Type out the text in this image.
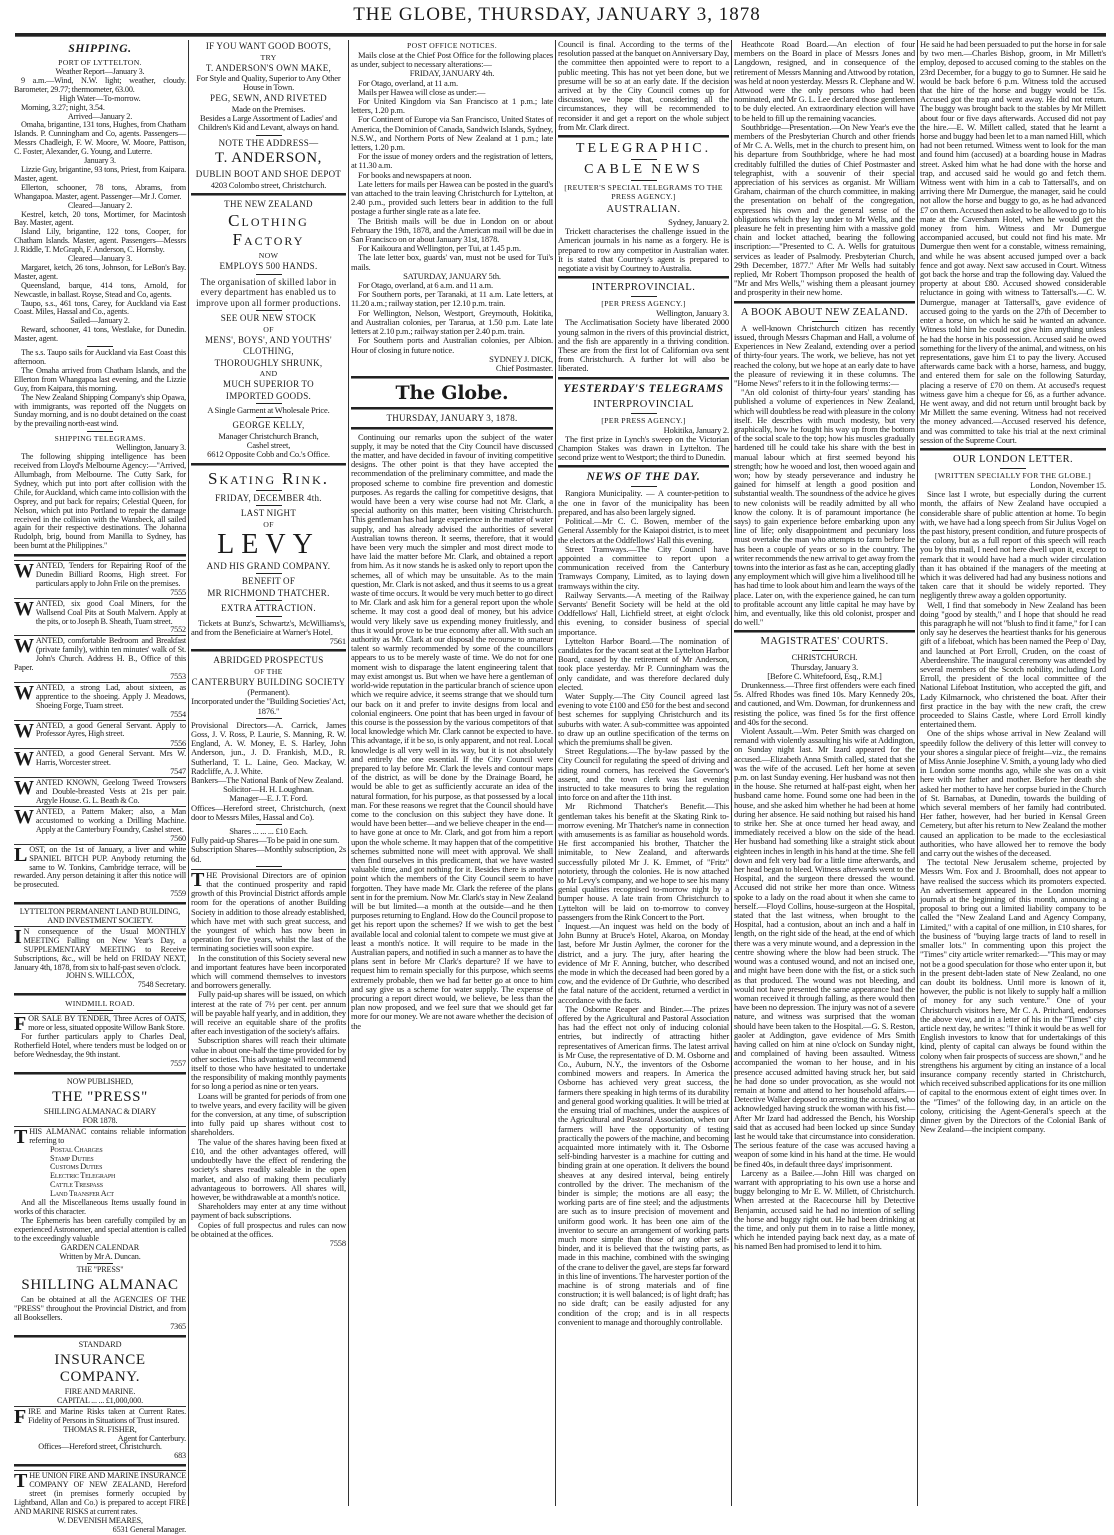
THE GLOBE, THURSDAY, JANUARY 3, 1878
SHIPPING.
PORT OF LYTTELTON.
Weather Report—January 3.
9 a.m.—Wind, N.W. light; weather, cloudy. Barometer, 29.77; thermometer, 63.00.
High Water—To-morrow.
Morning, 3.27; night, 3.54.
Arrived—January 2.
Omaha, brigantine, 131 tons, Hughes, from Chatham Islands. P. Cunningham and Co, agents. Passengers—Messrs Chadleigh, F. W. Moore, W. Moore, Pattison, C. Foster, Alexander, G. Young, and Luterre.
January 3.
Lizzie Guy, brigantine, 93 tons, Priest, from Kaipara. Master, agent.
Ellerton, schooner, 78 tons, Abrams, from Whangapoa. Master, agent. Passenger—Mr J. Corner.
Cleared—January 2.
Kestrel, ketch, 20 tons, Mortimer, for Macintosh Bay. Master, agent.
Island Lily, brigantine, 122 tons, Cooper, for Chatham Islands. Master, agent. Passengers—Messrs J. Riddle, T. McGraph, F. Anderson, C. Hornsby.
Cleared—January 3.
Margaret, ketch, 26 tons, Johnson, for LeBon's Bay. Master, agent.
Queensland, barque, 414 tons, Arnold, for Newcastle, in ballast. Royse, Stead and Co, agents.
Taupo, s.s., 461 tons, Carey, for Auckland via East Coast. Miles, Hassal and Co., agents.
Sailed—January 2.
Reward, schooner, 41 tons, Westlake, for Dunedin. Master, agent.
The s.s. Taupo sails for Auckland via East Coast this afternoon.
The Omaha arrived from Chatham Islands, and the Ellerton from Whangapoa last evening, and the Lizzie Guy, from Kaipara, this morning.
The New Zealand Shipping Company's ship Opawa, with immigrants, was reported off the Nuggets on Sunday morning, and is no doubt detained on the coast by the prevailing north-east wind.
SHIPPING TELEGRAMS.
Wellington, January 3.
The following shipping intelligence has been received from Lloyd's Melbourne Agency:—"Arrived, Allumbagh, from Melbourne. The Cutty Sark, for Sydney, which put into port after collision with the Chile, for Auckland, which came into collision with the Osprey, and put back for repairs; Celestial Queen, for Nelson, which put into Portland to repair the damage received in the collision with the Wansbeck, all sailed again for their respective destinations. The Johanna Rudolph, brig, bound from Manilla to Sydney, has been burnt at the Philippines."
WANTED, Tenders for Repairing Roof of the Dunedin Billiard Rooms, High street. For particulars apply to John Frile on the premises.
7555
WANTED, six good Coal Miners, for the Wallsend Coal Pits at South Malvern. Apply at the pits, or to Joseph B. Sheath, Tuam street.
7552
WANTED, comfortable Bedroom and Breakfast (private family), within ten minutes' walk of St. John's Church. Address H. B., Office of this Paper.
7553
WANTED, a strong Lad, about sixteen, as apprentice to the shoeing. Apply J. Meadows, Shoeing Forge, Tuam street.
7554
WANTED, a good General Servant. Apply to Professor Ayres, High street.
7556
WANTED, a good General Servant. Mrs W. Harris, Worcester street.
7547
WANTED KNOWN, Geelong Tweed Trowsers and Double-breasted Vests at 21s per pair. Argyle House. G. L. Beath & Co.
WANTED, a Pattern Maker; also, a Man accustomed to working a Drilling Machine. Apply at the Canterbury Foundry, Cashel street.
7560
LOST, on the 1st of January, a liver and white SPANIEL BITCH PUP. Anybody returning the same to W. Tonkins, Cambridge terrace, will be rewarded. Any person detaining it after this notice will be prosecuted.
7559
LYTTELTON PERMANENT LAND BUILDING, AND INVESTMENT SOCIETY.
I N consequence of the Usual MONTHLY MEETING Falling on New Year's Day, a SUPPLEMENTARY MEETING to Receive Subscriptions, &c., will be held on FRIDAY NEXT, January 4th, 1878, from six to half-past seven o'clock.
JOHN S. WILLCOX,
7548 Secretary.
WINDMILL ROAD.
FOR SALE BY TENDER, Three Acres of OATS, more or less, situated opposite Willow Bank Store.
For further particulars apply to Charles Deal, Rotherfield Hotel, where tenders must be lodged on or before Wednesday, the 9th instant.
7557
NOW PUBLISHED,
THE "PRESS"
SHILLING ALMANAC & DIARY
FOR 1878.
THIS ALMANAC contains reliable information referring to
Postal Charges
Stamp Duties
Customs Duties
Electric Telegraph
Cattle Trespass
Land Transfer Act
And all the Miscellaneous Items usually found in works of this character.
The Ephemeris has been carefully compiled by an experienced Astronomer, and special attention is called to the exceedingly valuable
GARDEN CALENDAR
Written by Mr A. Duncan.
THE "PRESS"
SHILLING ALMANAC
Can be obtained at all the AGENCIES OF THE "PRESS" throughout the Provincial District, and from all Booksellers.
7365
STANDARD
INSURANCE COMPANY.
FIRE AND MARINE.
CAPITAL ... ... £1,000,000.
FIRE and Marine Risks taken at Current Rates. Fidelity of Persons in Situations of Trust insured.
THOMAS R. FISHER,
Agent for Canterbury.
Offices—Hereford street, Christchurch.
683
THE UNION FIRE AND MARINE INSURANCE COMPANY OF NEW ZEALAND, Hereford street (in premises formerly occupied by Lightband, Allan and Co.) is prepared to accept FIRE AND MARINE RISKS at current rates.
W. DEVENISH MEARES,
6531 General Manager.
IF YOU WANT GOOD BOOTS,
TRY
T. ANDERSON'S OWN MAKE,
For Style and Quality, Superior to Any Other House in Town.
PEG, SEWN, AND RIVETED
Made on the Premises.
Besides a Large Assortment of Ladies' and Children's Kid and Levant, always on hand.
NOTE THE ADDRESS—
T. ANDERSON,
DUBLIN BOOT AND SHOE DEPOT
4203 Colombo street, Christchurch.
THE NEW ZEALAND
Clothing Factory
NOW
EMPLOYS 500 HANDS.
The organisation of skilled labor in every department has enabled us to improve upon all former productions.
SEE OUR NEW STOCK
OF
MENS', BOYS', AND YOUTHS'
CLOTHING,
THOROUGHLY SHRUNK,
AND
MUCH SUPERIOR TO
IMPORTED GOODS.
A Single Garment at Wholesale Price.
GEORGE KELLY,
Manager Christchurch Branch,
Cashel street,
6612 Opposite Cobb and Co.'s Office.
Skating Rink.
FRIDAY, DECEMBER 4th.
LAST NIGHT
OF
LEVY
AND HIS GRAND COMPANY.
BENEFIT OF
MR RICHMOND THATCHER.
EXTRA ATTRACTION.
Tickets at Bunz's, Schwartz's, McWilliams's, and from the Beneficiaire at Warner's Hotel.
7561
ABRIDGED PROSPECTUS
OF THE
CANTERBURY BUILDING SOCIETY
(Permanent).
Incorporated under the "Building Societies' Act, 1876."
Provisional Directors—A. Carrick, James Goss, J. V. Ross, P. Laurie, S. Manning, R. W. England, A. W. Money, E. S. Harley, John Anderson, jun., J. D. Frankish, M.D., R. Sutherland, T. L. Laine, Geo. Mackay, W. Radcliffe, A. J. White.
Bankers—The National Bank of New Zealand.
Solicitor—H. H. Loughnan.
Manager—E. J. T. Ford.
Offices—Hereford street, Christchurch, (next door to Messrs Miles, Hassal and Co).
Shares ... ... ... £10 Each.
Fully paid-up Shares—To be paid in one sum.
Subscription Shares—Monthly subscription, 2s 6d.
THE Provisional Directors are of opinion that the continued prosperity and rapid growth of this Provincial District affords ample room for the operations of another Building Society in addition to those already established, which have met with such great success, and the youngest of which has now been in operation for five years, whilst the last of the terminating societies will soon expire.
In the constitution of this Society several new and important features have been incorporated which will commend themselves to investors and borrowers generally.
Fully paid-up shares will be issued, on which interest at the rate of 7½ per cent. per annum will be payable half yearly, and in addition, they will receive an equitable share of the profits after each investigation of the society's affairs.
Subscription shares will reach their ultimate value in about one-half the time provided for by other societies. This advantage will recommend itself to those who have hesitated to undertake the responsibility of making monthly payments for so long a period as nine or ten years.
Loans will be granted for periods of from one to twelve years, and every facility will be given for the conversion, at any time, of subscription into fully paid up shares without cost to shareholders.
The value of the shares having been fixed at £10, and the other advantages offered, will undoubtedly have the effect of rendering the society's shares readily saleable in the open market, and also of making them peculiarly advantageous to borrowers. All shares will, however, be withdrawable at a month's notice.
Shareholders may enter at any time without payment of back subscriptions.
Copies of full prospectus and rules can now be obtained at the offices.
7558
POST OFFICE NOTICES.
Mails close at the Chief Post Office for the following places as under, subject to necessary alterations:—
FRIDAY, JANUARY 4th.
For Otago, overland, at 11 a.m.
Mails per Hawea will close as under:—
For United Kingdom via San Francisco at 1 p.m.; late letters, 1.20 p.m.
For Continent of Europe via San Francisco, United States of America, the Dominion of Canada, Sandwich Islands, Sydney, N.S.W., and Northern Ports of New Zealand at 1 p.m.; late letters, 1.20 p.m.
For the issue of money orders and the registration of letters, at 11.30 a.m.
For books and newspapers at noon.
Late letters for mails per Hawea can be posted in the guard's van attached to the train leaving Christchurch for Lyttelton, at 2.40 p.m., provided such letters bear in addition to the full postage a further single rate as a late fee.
The British mails will be due in London on or about February the 19th, 1878, and the American mail will be due in San Francisco on or about January 31st, 1878.
For Kaikoura and Wellington, per Tui, at 1.45 p.m.
The late letter box, guards' van, must not be used for Tui's mails.
SATURDAY, JANUARY 5th.
For Otago, overland, at 6 a.m. and 11 a.m.
For Southern ports, per Taranaki, at 11 a.m. Late letters, at 11.20 a.m.; railway station, per 12.10 p.m. train.
For Wellington, Nelson, Westport, Greymouth, Hokitika, and Australian colonies, per Tararua, at 1.50 p.m. Late late letters at 2.10 p.m.; railway station per 2.40 p.m. train.
For Southern ports and Australian colonies, per Albion. Hour of closing in future notice.
SYDNEY J. DICK,
Chief Postmaster.
The Globe.
THURSDAY, JANUARY 3, 1878.
Continuing our remarks upon the subject of the water supply, it may be noted that the City Council have discussed the matter, and have decided in favour of inviting competitive designs. The other point is that they have accepted the recommendation of the preliminary committee, and made the proposed scheme to combine fire prevention and domestic purposes. As regards the calling for competitive designs, that would have been a very wise course had not Mr. Clark, a special authority on this matter, been visiting Christchurch. This gentleman has had large experience in the matter of water supply, and has already advised the authorities of several Australian towns thereon. It seems, therefore, that it would have been very much the simpler and most direct mode to have laid the matter before Mr. Clark, and obtained a report from him. As it now stands he is asked only to report upon the schemes, all of which may be unsuitable. As to the main question, Mr. Clark is not asked, and thus it seems to us a great waste of time occurs. It would be very much better to go direct to Mr. Clark and ask him for a general report upon the whole scheme. It may cost a good deal of money, but his advice would very likely save us expending money fruitlessly, and thus it would prove to be true economy after all. With such an authority as Mr. Clark at our disposal the recourse to amateur talent so warmly recommended by some of the councillors appears to us to be merely waste of time. We do not for one moment wish to disparage the latent engineering talent that may exist amongst us. But when we have here a gentleman of world-wide reputation in the particular branch of science upon which we require advice, it seems strange that we should turn our back on it and prefer to invite designs from local and colonial engineers. One point that has been urged in favour of this course is the possession by the various competitors of that local knowledge which Mr. Clark cannot be expected to have. This advantage, if it be so, is only apparent, and not real. Local knowledge is all very well in its way, but it is not absolutely and entirely the one essential. If the City Council were prepared to lay before Mr. Clark the levels and contour maps of the district, as will be done by the Drainage Board, he would be able to get as sufficiently accurate an idea of the natural formation, for his purpose, as that possessed by a local man. For these reasons we regret that the Council should have come to the conclusion on this subject they have done. It would have been better—and we believe cheaper in the end—to have gone at once to Mr. Clark, and got from him a report upon the whole scheme. It may happen that of the competitive schemes submitted none will meet with approval. We shall then find ourselves in this predicament, that we have wasted valuable time, and got nothing for it. Besides there is another point which the members of the City Council seem to have forgotten. They have made Mr. Clark the referee of the plans sent in for the premium. Now Mr. Clark's stay in New Zealand will be but limited—a month at the outside—and he then purposes returning to England. How do the Council propose to get his report upon the schemes? If we wish to get the best available local and colonial talent to compete we must give at least a month's notice. It will require to be made in the Australian papers, and notified in such a manner as to have the plans sent in before Mr Clark's departure? If we have to request him to remain specially for this purpose, which seems extremely probable, then we had far better go at once to him and say give us a scheme for water supply. The expense of procuring a report direct would, we believe, be less than the plan now proposed, and we feel sure that we should get far more for our money. We are not aware whether the decision of the
Council is final. According to the terms of the resolution passed at the banquet on Anniversary Day, the committee then appointed were to report to a public meeting. This has not yet been done, but we presume will be so at an early date. If the decision arrived at by the City Council comes up for discussion, we hope that, considering all the circumstances, they will be recommended to reconsider it and get a report on the whole subject from Mr. Clark direct.
TELEGRAPHIC.
CABLE NEWS
[REUTER'S SPECIAL TELEGRAMS TO THE PRESS AGENCY.]
AUSTRALIAN.
Sydney, January 2.
Trickett characterises the challenge issued in the American journals in his name as a forgery. He is prepared to row any competitor in Australian water. It is stated that Courtney's agent is prepared to negotiate a visit by Courtney to Australia.
INTERPROVINCIAL.
[PER PRESS AGENCY.]
Wellington, January 3.
The Acclimatisation Society have liberated 2000 young salmon in the rivers of this provincial district, and the fish are apparently in a thriving condition. These are from the first lot of Californian ova sent from Christchurch. A further lot will also be liberated.
YESTERDAY'S TELEGRAMS
INTERPROVINCIAL
[PER PRESS AGENCY.]
Hokitika, January 2.
The first prize in Lynch's sweep on the Victorian Champion Stakes was drawn in Lyttelton. The second prize went to Westport; the third to Dunedin.
NEWS OF THE DAY.
Rangiora Municipality. — A counter-petition to the one in favor of the municipality has been prepared, and has also been largely signed.
Political.—Mr C. C. Bowen, member of the General Assembly for the Kaiapoi district, is to meet the electors at the Oddfellows' Hall this evening.
Street Tramways.—The City Council have appointed a committee to report upon a communication received from the Canterbury Tramways Company, Limited, as to laying down tramways within the city.
Railway Servants.—A meeting of the Railway Servants' Benefit Society will be held at the old Oddfellows' Hall, Lichfield street, at eight o'clock this evening, to consider business of special importance.
Lyttelton Harbor Board.—The nomination of candidates for the vacant seat at the Lyttelton Harbor Board, caused by the retirement of Mr Anderson, took place yesterday. Mr P. Cunningham was the only candidate, and was therefore declared duly elected.
Water Supply.—The City Council agreed last evening to vote £100 and £50 for the best and second best schemes for supplying Christchurch and its suburbs with water. A sub-committee was appointed to draw up an outline specification of the terms on which the premiums shall be given.
Street Regulations.—The by-law passed by the City Council for regulating the speed of driving and riding round corners, has received the Governor's assent, and the town clerk was last evening instructed to take measures to bring the regulation into force on and after the 11th inst.
Mr Richmond Thatcher's Benefit.—This gentleman takes his benefit at the Skating Rink to-morrow evening. Mr Thatcher's name in connection with amusements is as familiar as household words. He first accompanied his brother, Thatcher the inimitable, to New Zealand, and afterwards successfully piloted Mr J. K. Emmet, of "Fritz" notoriety, through the colonies. He is now attached to Mr Levy's company, and we hope to see his many genial qualities recognised to-morrow night by a bumper house. A late train from Christchurch to Lyttelton will be laid on to-morrow to convey passengers from the Rink Concert to the Port.
Inquest.—An inquest was held on the body of John Bunny at Bruce's Hotel, Akaroa, on Monday last, before Mr Justin Aylmer, the coroner for the district, and a jury. The jury, after hearing the evidence of Mr F. Anning, butcher, who described the mode in which the deceased had been gored by a cow, and the evidence of Dr Guthrie, who described the fatal nature of the accident, returned a verdict in accordance with the facts.
The Osborne Reaper and Binder.—The prizes offered by the Agricultural and Pastoral Association has had the effect not only of inducing colonial entries, but indirectly of attracting hither representatives of American firms. The latest arrival is Mr Cuse, the representative of D. M. Osborne and Co., Auburn, N.Y., the inventors of the Osborne combined mowers and reapers. In America the Osborne has achieved very great success, the farmers there speaking in high terms of its durability and general good working qualities. It will be tried at the ensuing trial of machines, under the auspices of the Agricultural and Pastoral Association, when our farmers will have the opportunity of testing practically the powers of the machine, and becoming acquainted more intimately with it. The Osborne self-binding harvester is a machine for cutting and binding grain at one operation. It delivers the bound sheaves at any desired interval, being entirely controlled by the driver. The mechanism of the binder is simple; the motions are all easy; the working parts are of fine steel; and the adjustments are such as to insure precision of movement and uniform good work. It has been one aim of the inventor to secure an arrangement of working parts much more simple than those of any other self-binder, and it is believed that the twisting parts, as made in this machine, combined with the swinging of the crane to deliver the gavel, are steps far forward in this line of inventions. The harvester portion of the machine is of strong materials and of fine construction; it is well balanced; is of light draft; has no side draft; can be easily adjusted for any condition of the crop; and is in all respects convenient to manage and thoroughly controllable.
Heathcote Road Board.—An election of four members on the Board in place of Messrs Jones and Langdown, resigned, and in consequence of the retirement of Messrs Manning and Attwood by rotation, was held at noon yesterday. Messrs R. Clephane and W. Attwood were the only persons who had been nominated, and Mr G. L. Lee declared those gentlemen to be duly elected. An extraordinary election will have to be held to fill up the remaining vacancies.
Southbridge—Presentation.—On New Year's eve the members of the Presbyterian Church and other friends of Mr C. A. Wells, met in the church to present him, on his departure from Southbridge, where he had most creditably fulfilled the duties of Chief Postmaster and telegraphist, with a souvenir of their special appreciation of his services as organist. Mr William Graham, chairman of the church committee, in making the presentation on behalf of the congregation, expressed his own and the general sense of the obligations which they lay under to Mr Wells, and the pleasure he felt in presenting him with a massive gold chain and locket attached, bearing the following inscription:—"Presented to C. A. Wells for gratuitous services as leader of Psalmody. Presbyterian Church, 29th December, 1877." After Mr Wells had suitably replied, Mr Robert Thompson proposed the health of "Mr and Mrs Wells," wishing them a pleasant journey and prosperity in their new home.
A BOOK ABOUT NEW ZEALAND.
A well-known Christchurch citizen has recently issued, through Messrs Chapman and Hall, a volume of Experiences in New Zealand, extending over a period of thirty-four years. The work, we believe, has not yet reached the colony, but we hope at an early date to have the pleasure of reviewing it in these columns. The "Home News" refers to it in the following terms:—
"An old colonist of thirty-four years' standing has published a volume of experiences in New Zealand, which will doubtless be read with pleasure in the colony itself. He describes with much modesty, but very graphically, how he fought his way up from the bottom of the social scale to the top; how his muscles gradually hardened till he could take his share with the best in manual labour which at first seemed beyond his strength; how he wooed and lost, then wooed again and won; how by steady perseverance and industry he gained for himself at length a good position and substantial wealth. The soundness of the advice he gives to new colonists will be readily admitted by all who know the colony. It is of paramount importance (he says) to gain experience before embarking upon any line of life; only disappointment and pecuniary loss must overtake the man who attempts to farm before he has been a couple of years or so in the country. The writer recommends the new arrival to get away from the towns into the interior as fast as he can, accepting gladly any employment which will give him a livelihood till he has had time to look about him and learn the ways of the place. Later on, with the experience gained, he can turn to profitable account any little capital he may have by him, and eventually, like this old colonist, prosper and do well."
MAGISTRATES' COURTS.
CHRISTCHURCH.
Thursday, January 3.
[Before C. Whitefoord, Esq., R.M.]
Drunkenness.—Three first offenders were each fined 5s. Alfred Rhodes was fined 10s. Mary Kennedy 20s, and cautioned, and Wm. Dowman, for drunkenness and resisting the police, was fined 5s for the first offence and 40s for the second.
Violent Assault.—Wm. Peter Smith was charged on remand with violently assaulting his wife at Addington, on Sunday night last. Mr Izard appeared for the accused.—Elizabeth Anna Smith called, stated that she was the wife of the accused. Left her home at seven p.m. on last Sunday evening. Her husband was not then in the house. She returned at half-past eight, when her husband came home. Found some one had been in the house, and she asked him whether he had been at home during her absence. He said nothing but raised his hand to strike her. She at once turned her head away, and immediately received a blow on the side of the head. Her husband had something like a straight stick about eighteen inches in length in his hand at the time. She fell down and felt very bad for a little time afterwards, and her head began to bleed. Witness afterwards went to the Hospital, and the surgeon there dressed the wound. Accused did not strike her more than once. Witness spoke to a lady on the road about it when she came to herself.—Floyd Collins, house-surgeon at the Hospital, stated that the last witness, when brought to the Hospital, had a contusion, about an inch and a half in length, on the right side of the head, at the end of which there was a very minute wound, and a depression in the centre showing where the blow had been struck. The wound was a contused wound, and not an incised one, and might have been done with the fist, or a stick such as that produced. The wound was not bleeding, and would not have presented the same appearance had the woman received it through falling, as there would then have been no depression. The injury was not of a severe nature, and witness was surprised that the woman should have been taken to the Hospital.—G. S. Reston, gaoler at Addington, gave evidence of Mrs Smith having called on him at nine o'clock on Sunday night, and complained of having been assaulted. Witness accompanied the woman to her house, and in his presence accused admitted having struck her, but said he had done so under provocation, as she would not remain at home and attend to her household affairs.—Detective Walker deposed to arresting the accused, who acknowledged having struck the woman with his fist.—After Mr Izard had addressed the Bench, his Worship said that as accused had been locked up since Sunday last he would take that circumstance into consideration. The serious feature of the case was accused having a weapon of some kind in his hand at the time. He would be fined 40s, in default three days' imprisonment.
Larceny as a Bailee.—John Hill was charged on warrant with appropriating to his own use a horse and buggy belonging to Mr E. W. Millett, of Christchurch. When arrested at the Racecourse hill by Detective Benjamin, accused said he had no intention of selling the horse and buggy right out. He had been drinking at the time, and only put them in to raise a little money, which he intended paying back next day, as a mate of his named Ben had promised to lend it to him.
He said he had been persuaded to put the horse in for sale by two men.—Charles Bishop, groom, in Mr Millett's employ, deposed to accused coming to the stables on the 23rd December, for a buggy to go to Sumner. He said he would be back before 6 p.m. Witness told the accused that the hire of the horse and buggy would be 15s. Accused got the trap and went away. He did not return. The buggy was brought back to the stables by Mr Millett about four or five days afterwards. Accused did not pay the hire.—E. W. Millett called, stated that he learnt a horse and buggy had been let to a man named Hill, which had not been returned. Witness went to look for the man and found him (accused) at a boarding house in Madras street. Asked him what he had done with the horse and trap, and accused said he would go and fetch them. Witness went with him in a cab to Tattersall's, and on arriving there Mr Dumergue, the manager, said he could not allow the horse and buggy to go, as he had advanced £7 on them. Accused then asked to be allowed to go to his mate at the Caversham Hotel, when he would get the money from him. Witness and Mr Dumergue accompanied accused, but could not find his mate. Mr Dumergue then went for a constable, witness remaining, and while he was absent accused jumped over a back fence and got away. Next saw accused in Court. Witness got back the horse and trap the following day. Valued the property at about £80. Accused showed considerable reluctance in going with witness to Tattersall's.—C. W. Dumergue, manager at Tattersall's, gave evidence of accused going to the yards on the 27th of December to enter a horse, on which he said he wanted an advance. Witness told him he could not give him anything unless he had the horse in his possession. Accused said he owed something for the livery of the animal, and witness, on his representations, gave him £1 to pay the livery. Accused afterwards came back with a horse, harness, and buggy, and entered them for sale on the following Saturday, placing a reserve of £70 on them. At accused's request witness gave him a cheque for £6, as a further advance. He went away, and did not return until brought back by Mr Millett the same evening. Witness had not received the money advanced.—Accused reserved his defence, and was committed to take his trial at the next criminal session of the Supreme Court.
OUR LONDON LETTER.
[WRITTEN SPECIALLY FOR THE GLOBE.]
London, November 15.
Since last I wrote, but especially during the current month, the affairs of New Zealand have occupied a considerable share of public attention at home. To begin with, we have had a long speech from Sir Julius Vogel on the past history, present condition, and future prospects of the colony, but as a full report of this speech will reach you by this mail, I need not here dwell upon it, except to remark that it would have had a much wider circulation than it has obtained if the managers of the meeting at which it was delivered had had any business notions and taken care that it should be widely reported. They negligently threw away a golden opportunity.
Well, I find that somebody in New Zealand has been doing "good by stealth," and I hope that should he read this paragraph he will not "blush to find it fame," for I can only say he deserves the heartiest thanks for his generous gift of a lifeboat, which has been named the Peep o' Day, and launched at Port Erroll, Cruden, on the coast of Aberdeenshire. The inaugural ceremony was attended by several members of the Scotch nobility, including Lord Erroll, the president of the local committee of the National Lifeboat Institution, who accepted the gift, and Lady Kilmarnock, who christened the boat. After their first practice in the bay with the new craft, the crew proceeded to Slains Castle, where Lord Erroll kindly entertained them.
One of the ships whose arrival in New Zealand will speedily follow the delivery of this letter will convey to your shores a singular piece of freight—viz., the remains of Miss Annie Josephine V. Smith, a young lady who died in London some months ago, while she was on a visit here with her father and mother. Before her death she asked her mother to have her corpse buried in the Church of St. Barnabas, at Dunedin, towards the building of which several members of her family had contributed. Her father, however, had her buried in Kensal Green Cemetery, but after his return to New Zealand the mother caused an application to be made to the ecclesiastical authorities, who have allowed her to remove the body and carry out the wishes of the deceased.
The tectotal New Jerusalem scheme, projected by Messrs Wm. Fox and J. Broomhall, does not appear to have realised the success which its promoters expected. An advertisement appeared in the London morning journals at the beginning of this month, announcing a proposal to bring out a limited liability company to be called the "New Zealand Land and Agency Company, Limited," with a capital of one million, in £10 shares, for the business of "buying large tracts of land to resell in smaller lots." In commenting upon this project the "Times" city article writer remarked:—"This may or may not be a good speculation for those who enter upon it, but in the present debt-laden state of New Zealand, no one can doubt its boldness. Until more is known of it, however, the public is not likely to supply half a million of money for any such venture." One of your Christchurch visitors here, Mr C. A. Pritchard, endorses the above view, and in a letter of his in the "Times" city article next day, he writes: "I think it would be as well for English investors to know that for undertakings of this kind, plenty of capital can always be found within the colony when fair prospects of success are shown," and he strengthens his argument by citing an instance of a local insurance company recently started in Christchurch, which received subscribed applications for its one million of capital to the enormous extent of eight times over. In the "Times" of the following day, in an article on the colony, criticising the Agent-General's speech at the dinner given by the Directors of the Colonial Bank of New Zealand—the incipient company.
